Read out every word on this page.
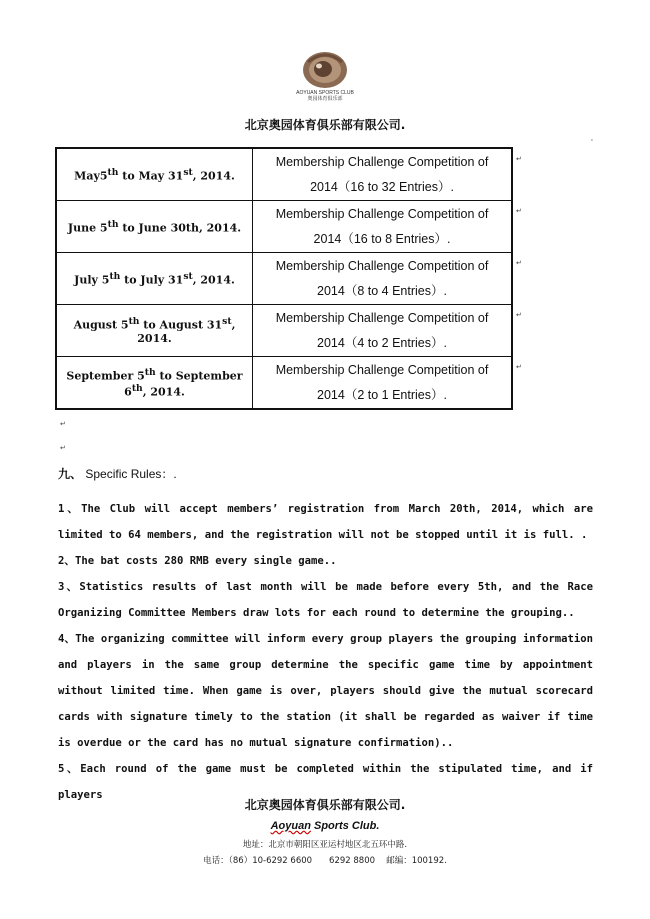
AOYUAN SPORTS CLUB
奥园体育俱乐部
北京奥园体育俱乐部有限公司.
May5th to May 31st, 2014.	Membership Challenge Competition of
2014（16 to 32 Entries）.

June 5th to June 30th, 2014.	Membership Challenge Competition of
2014（16 to 8 Entries）.

July 5th to July 31st, 2014.	Membership Challenge Competition of
2014（8 to 4 Entries）.

August 5th to August 31st, 2014.	Membership Challenge Competition of
2014（4 to 2 Entries）.

September 5th to September 6th, 2014.	Membership Challenge Competition of
2014（2 to 1 Entries）.
'
↵
↵
↵
↵
↵
↵
↵
九、 Specific Rules：.

1、The Club will accept members’ registration from March 20th, 2014, which are limited to 64 members, and the registration will not be stopped until it is full. .

2、The bat costs 280 RMB every single game..

3、Statistics results of last month will be made before every 5th, and the Race Organizing Committee Members draw lots for each round to determine the grouping..

4、The organizing committee will inform every group players the grouping information and players in the same group determine the specific game time by appointment without limited time. When game is over, players should give the mutual scorecard cards with signature timely to the station (it shall be regarded as waiver if time is overdue or the card has no mutual signature confirmation)..

5、Each round of the game must be completed within the stipulated time, and if players

北京奥园体育俱乐部有限公司.
Aoyuan Sports Club.
地址：北京市朝阳区亚运村地区北五环中路.
电话：（86）10-6292 6600　　6292 8800　 邮编：100192.
